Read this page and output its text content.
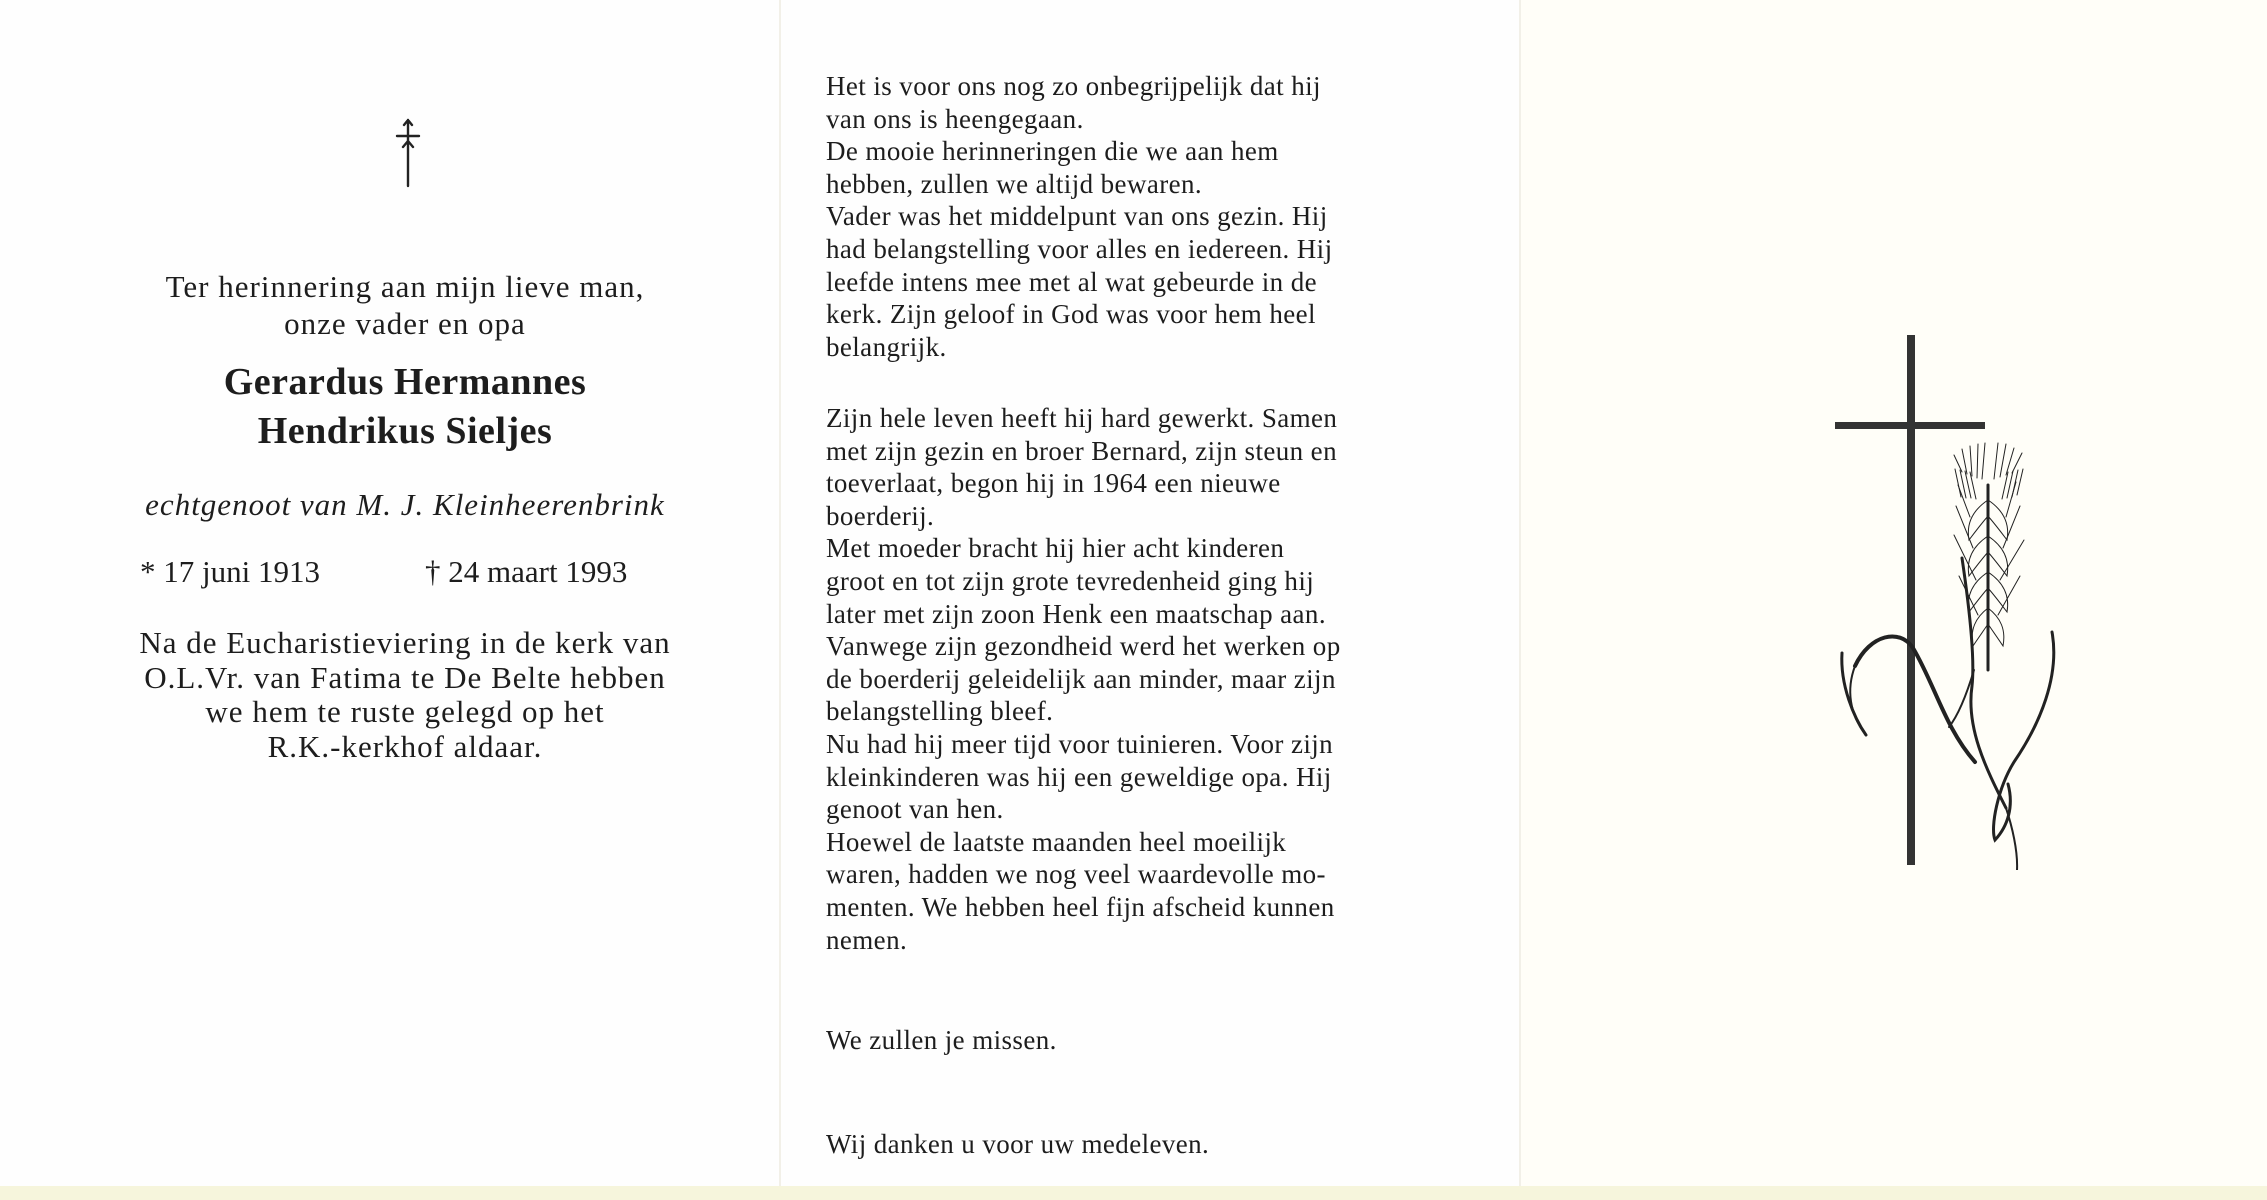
Ter herinnering aan mijn lieve man,
onze vader en opa
Gerardus Hermannes
Hendrikus Sieljes
echtgenoot van M. J. Kleinheerenbrink
* 17 juni 1913	† 24 maart 1993
Na de Eucharistieviering in de kerk van
O.L.Vr. van Fatima te De Belte hebben
we hem te ruste gelegd op het
R.K.-kerkhof aldaar.

Het is voor ons nog zo onbegrijpelijk dat hij
van ons is heengegaan.
De mooie herinneringen die we aan hem
hebben, zullen we altijd bewaren.
Vader was het middelpunt van ons gezin. Hij
had belangstelling voor alles en iedereen. Hij
leefde intens mee met al wat gebeurde in de
kerk. Zijn geloof in God was voor hem heel
belangrijk.

Zijn hele leven heeft hij hard gewerkt. Samen
met zijn gezin en broer Bernard, zijn steun en
toeverlaat, begon hij in 1964 een nieuwe
boerderij.
Met moeder bracht hij hier acht kinderen
groot en tot zijn grote tevredenheid ging hij
later met zijn zoon Henk een maatschap aan.
Vanwege zijn gezondheid werd het werken op
de boerderij geleidelijk aan minder, maar zijn
belangstelling bleef.
Nu had hij meer tijd voor tuinieren. Voor zijn
kleinkinderen was hij een geweldige opa. Hij
genoot van hen.
Hoewel de laatste maanden heel moeilijk
waren, hadden we nog veel waardevolle mo-
menten. We hebben heel fijn afscheid kunnen
nemen.

We zullen je missen.

Wij danken u voor uw medeleven.
